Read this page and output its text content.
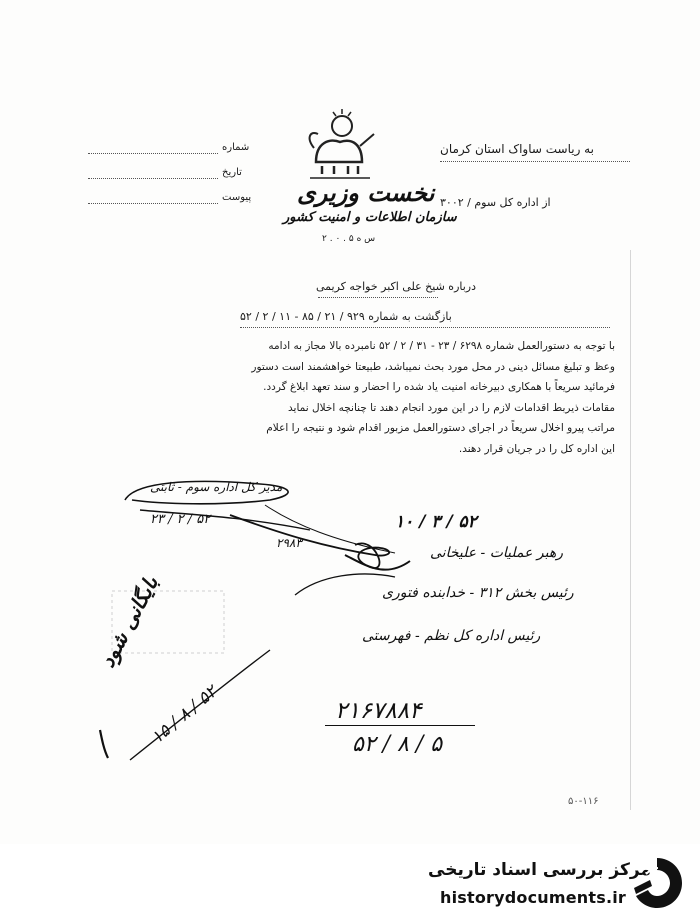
شماره
تاریخ
پیوست نخست وزیری
سازمان اطلاعات و امنیت کشور
س ه ۵ . ۰ . ۲
به ریاست ساواک استان کرمان
از اداره کل سوم / ۳۰۰۲
درباره شیخ علی اکبر خواجه کریمی
بازگشت به شماره ۹۲۹ / ۲۱ / ۸۵ - ۱۱ / ۲ / ۵۲
با توجه به دستورالعمل شماره ۶۲۹۸ / ۲۳ - ۳۱ / ۲ / ۵۲ نامبرده بالا مجاز به ادامه
وعظ و تبلیغ مسائل دینی در محل مورد بحث نمیباشد، طبیعتا خواهشمند است دستور
فرمائید سریعاً با همکاری دبیرخانه امنیت یاد شده را احضار و سند تعهد ابلاغ گردد.
مقامات ذیربط اقدامات لازم را در این مورد انجام دهند تا چنانچه اخلال نماید
مراتب پیرو اخلال سریعاً در اجرای دستورالعمل مزبور اقدام شود و نتیجه را اعلام
این اداره کل را در جریان قرار دهند.
مدیر کل اداره سوم - ثابتی
۲۳ / ۲ / ۵۲
۲۹۸۳
۱۰ / ۳ / ۵۲
رهبر عملیات - علیخانی
رئیس بخش ۳۱۲ - خدابنده فتوری
رئیس اداره کل نظم - فهرستی
بایگانی شود
۱۵ / ۸ / ۵۲	۲۱۶۷۸۸۴
۵۲ / ۸ / ۵
۵۰-۱۱۶
مرکز بررسی اسناد تاریخی
historydocuments.ir
